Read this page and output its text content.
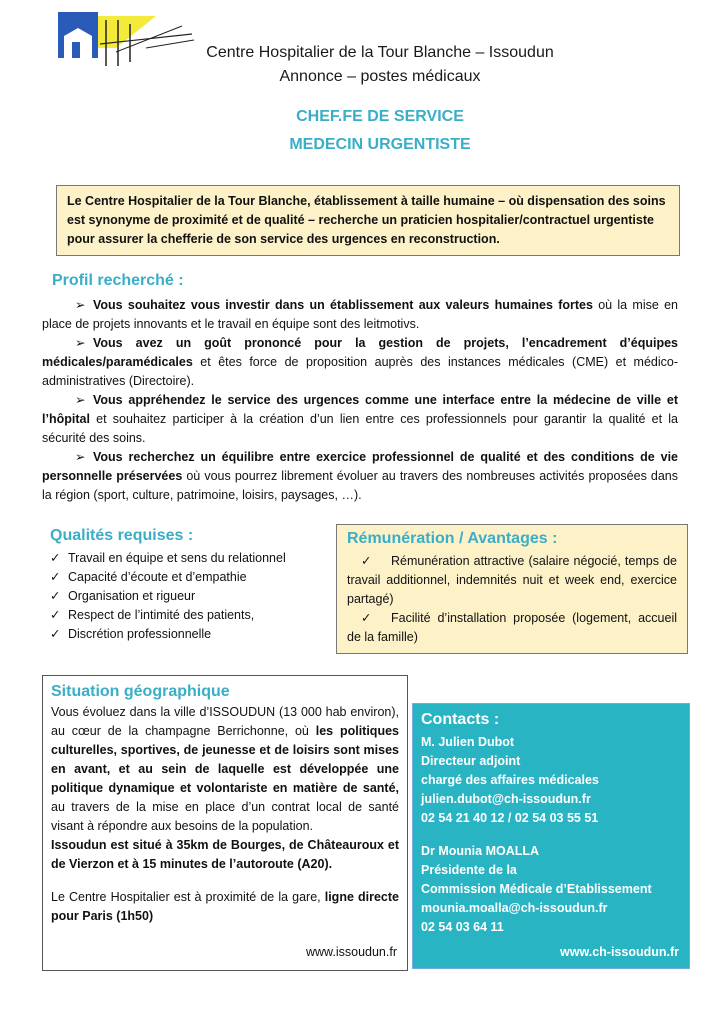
Centre Hospitalier de la Tour Blanche – Issoudun
Annonce – postes médicaux
CHEF.FE DE SERVICE
MEDECIN URGENTISTE
Le Centre Hospitalier de la Tour Blanche, établissement à taille humaine – où dispensation des soins est synonyme de proximité et de qualité – recherche un praticien hospitalier/contractuel urgentiste pour assurer la chefferie de son service des urgences en reconstruction.
Profil recherché :

➢ Vous souhaitez vous investir dans un établissement aux valeurs humaines fortes où la mise en place de projets innovants et le travail en équipe sont des leitmotivs.

➢ Vous avez un goût prononcé pour la gestion de projets, l’encadrement d’équipes médicales/paramédicales et êtes force de proposition auprès des instances médicales (CME) et médico-administratives (Directoire).

➢ Vous appréhendez le service des urgences comme une interface entre la médecine de ville et l’hôpital et souhaitez participer à la création d’un lien entre ces professionnels pour garantir la qualité et la sécurité des soins.

➢ Vous recherchez un équilibre entre exercice professionnel de qualité et des conditions de vie personnelle préservées où vous pourrez librement évoluer au travers des nombreuses activités proposées dans la région (sport, culture, patrimoine, loisirs, paysages, …).

Qualités requises :
✓ Travail en équipe et sens du relationnel
✓ Capacité d’écoute et d’empathie
✓ Organisation et rigueur
✓ Respect de l’intimité des patients,
✓ Discrétion professionnelle
Rémunération / Avantages :

✓ Rémunération attractive (salaire négocié, temps de travail additionnel, indemnités nuit et week end, exercice partagé)

✓ Facilité d’installation proposée (logement, accueil de la famille)

Situation géographique

Vous évoluez dans la ville d’ISSOUDUN (13 000 hab environ), au cœur de la champagne Berrichonne, où les politiques culturelles, sportives, de jeunesse et de loisirs sont mises en avant, et au sein de laquelle est développée une politique dynamique et volontariste en matière de santé, au travers de la mise en place d’un contrat local de santé visant à répondre aux besoins de la population.

Issoudun est situé à 35km de Bourges, de Châteauroux et de Vierzon et à 15 minutes de l’autoroute (A20).

Le Centre Hospitalier est à proximité de la gare, ligne directe pour Paris (1h50)

www.issoudun.fr
Contacts :
M. Julien Dubot
Directeur adjoint
chargé des affaires médicales
julien.dubot@ch-issoudun.fr
02 54 21 40 12 / 02 54 03 55 51
Dr Mounia MOALLA
Présidente de la
Commission Médicale d’Etablissement
mounia.moalla@ch-issoudun.fr
02 54 03 64 11
www.ch-issoudun.fr
